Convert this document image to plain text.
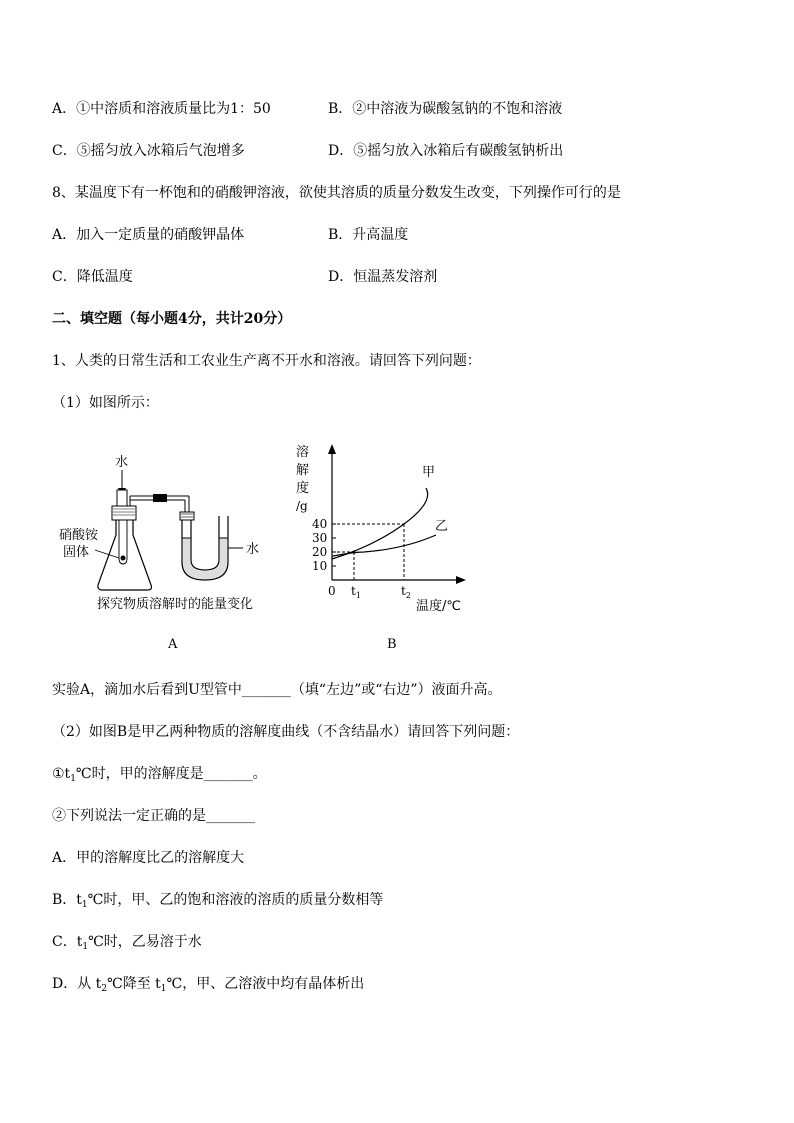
A．①中溶质和溶液质量比为1：50	B．②中溶液为碳酸氢钠的不饱和溶液
C．⑤摇匀放入冰箱后气泡增多	D．⑤摇匀放入冰箱后有碳酸氢钠析出
8、某温度下有一杯饱和的硝酸钾溶液，欲使其溶质的质量分数发生改变，下列操作可行的是
A．加入一定质量的硝酸钾晶体	B．升高温度
C．降低温度	D．恒温蒸发溶剂
二、填空题（每小题4分，共计20分）
1、人类的日常生活和工农业生产离不开水和溶液。请回答下列问题：
（1）如图所示：
水
水
硝酸铵
固体
探究物质溶解时的能量变化
A
溶
解
度
/g
10
20
30
40
$t_1$	$t_2$
0
温度/℃
甲
乙
B
实验A，滴加水后看到U型管中_______（填“左边”或“右边”）液面升高。
（2）如图B是甲乙两种物质的溶解度曲线（不含结晶水）请回答下列问题：
$①t_1℃$时，甲的溶解度是_______。
②下列说法一定正确的是_______
A．甲的溶解度比乙的溶解度大
B．$t_1℃$时，甲、乙的饱和溶液的溶质的质量分数相等
C．$t_1℃$时，乙易溶于水
D．从 $t_2℃$降至 $t_1℃$，甲、乙溶液中均有晶体析出
